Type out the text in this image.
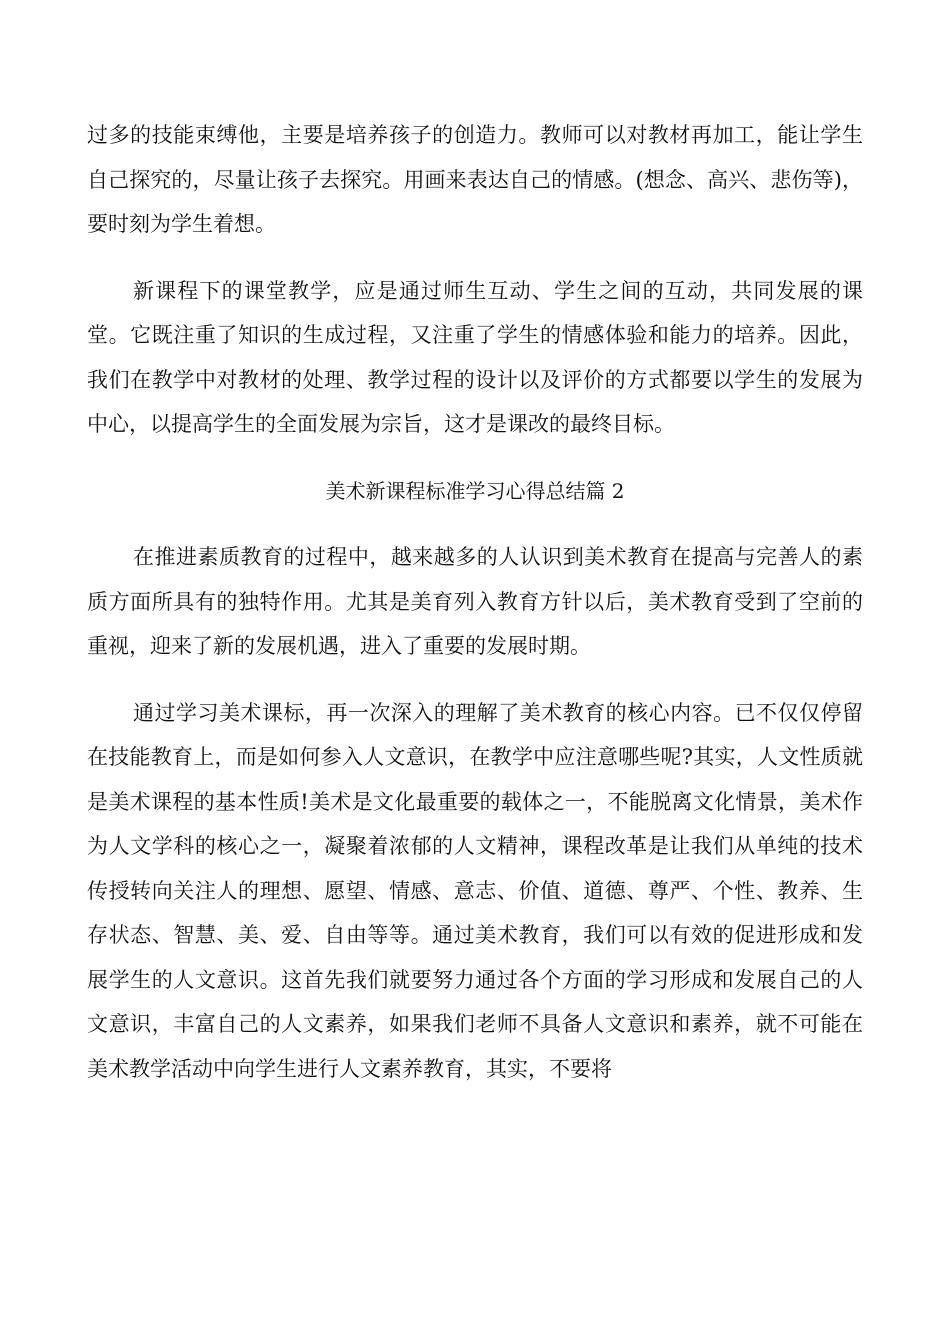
过多的技能束缚他，主要是培养孩子的创造力。教师可以对教材再加工，能让学生自己探究的，尽量让孩子去探究。用画来表达自己的情感。(想念、高兴、悲伤等)，要时刻为学生着想。

新课程下的课堂教学，应是通过师生互动、学生之间的互动，共同发展的课堂。它既注重了知识的生成过程，又注重了学生的情感体验和能力的培养。因此，我们在教学中对教材的处理、教学过程的设计以及评价的方式都要以学生的发展为中心，以提高学生的全面发展为宗旨，这才是课改的最终目标。

美术新课程标准学习心得总结篇 2

在推进素质教育的过程中，越来越多的人认识到美术教育在提高与完善人的素质方面所具有的独特作用。尤其是美育列入教育方针以后，美术教育受到了空前的重视，迎来了新的发展机遇，进入了重要的发展时期。

通过学习美术课标，再一次深入的理解了美术教育的核心内容。已不仅仅停留在技能教育上，而是如何参入人文意识，在教学中应注意哪些呢?其实，人文性质就是美术课程的基本性质!美术是文化最重要的载体之一，不能脱离文化情景，美术作为人文学科的核心之一，凝聚着浓郁的人文精神，课程改革是让我们从单纯的技术传授转向关注人的理想、愿望、情感、意志、价值、道德、尊严、个性、教养、生存状态、智慧、美、爱、自由等等。通过美术教育，我们可以有效的促进形成和发展学生的人文意识。这首先我们就要努力通过各个方面的学习形成和发展自己的人文意识，丰富自己的人文素养，如果我们老师不具备人文意识和素养，就不可能在美术教学活动中向学生进行人文素养教育，其实，不要将
